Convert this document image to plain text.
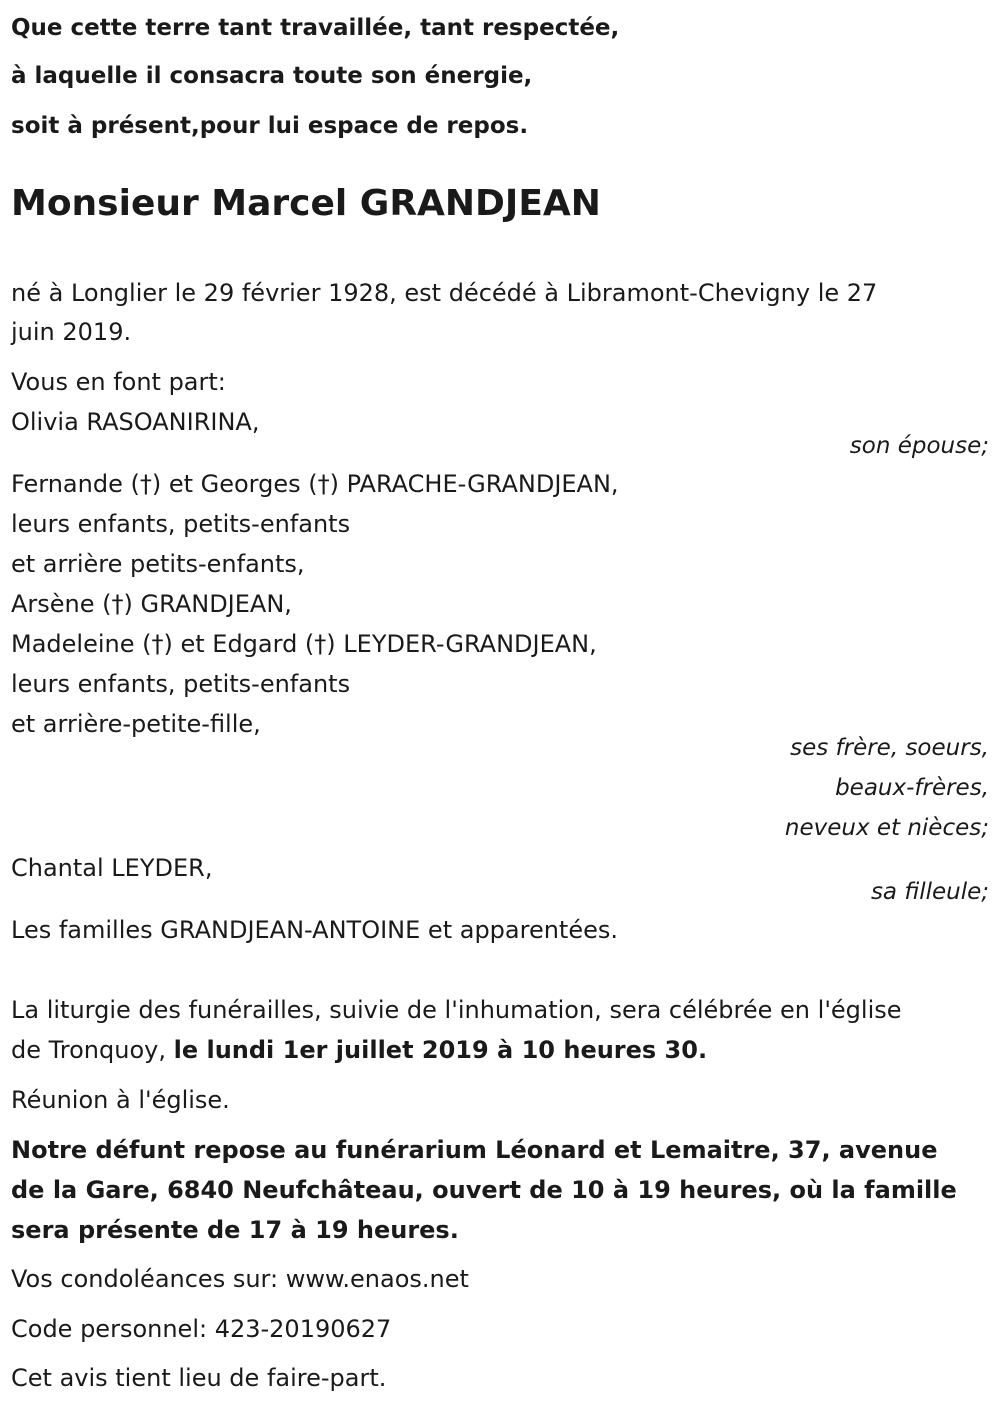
Que cette terre tant travaillée, tant respectée,
à laquelle il consacra toute son énergie,
soit à présent,pour lui espace de repos.
Monsieur Marcel GRANDJEAN
né à Longlier le 29 février 1928, est décédé à Libramont-Chevigny le 27
juin 2019.
Vous en font part:
Olivia RASOANIRINA,
son épouse;
Fernande (†) et Georges (†) PARACHE-GRANDJEAN,
leurs enfants, petits-enfants
et arrière petits-enfants,
Arsène (†) GRANDJEAN,
Madeleine (†) et Edgard (†) LEYDER-GRANDJEAN,
leurs enfants, petits-enfants
et arrière-petite-fille,
ses frère, soeurs,
beaux-frères,
neveux et nièces;
Chantal LEYDER,
sa filleule;
Les familles GRANDJEAN-ANTOINE et apparentées.
La liturgie des funérailles, suivie de l'inhumation, sera célébrée en l'église
de Tronquoy, le lundi 1er juillet 2019 à 10 heures 30.
Réunion à l'église.
Notre défunt repose au funérarium Léonard et Lemaitre, 37, avenue
de la Gare, 6840 Neufchâteau, ouvert de 10 à 19 heures, où la famille
sera présente de 17 à 19 heures.
Vos condoléances sur: www.enaos.net
Code personnel: 423-20190627
Cet avis tient lieu de faire-part.
